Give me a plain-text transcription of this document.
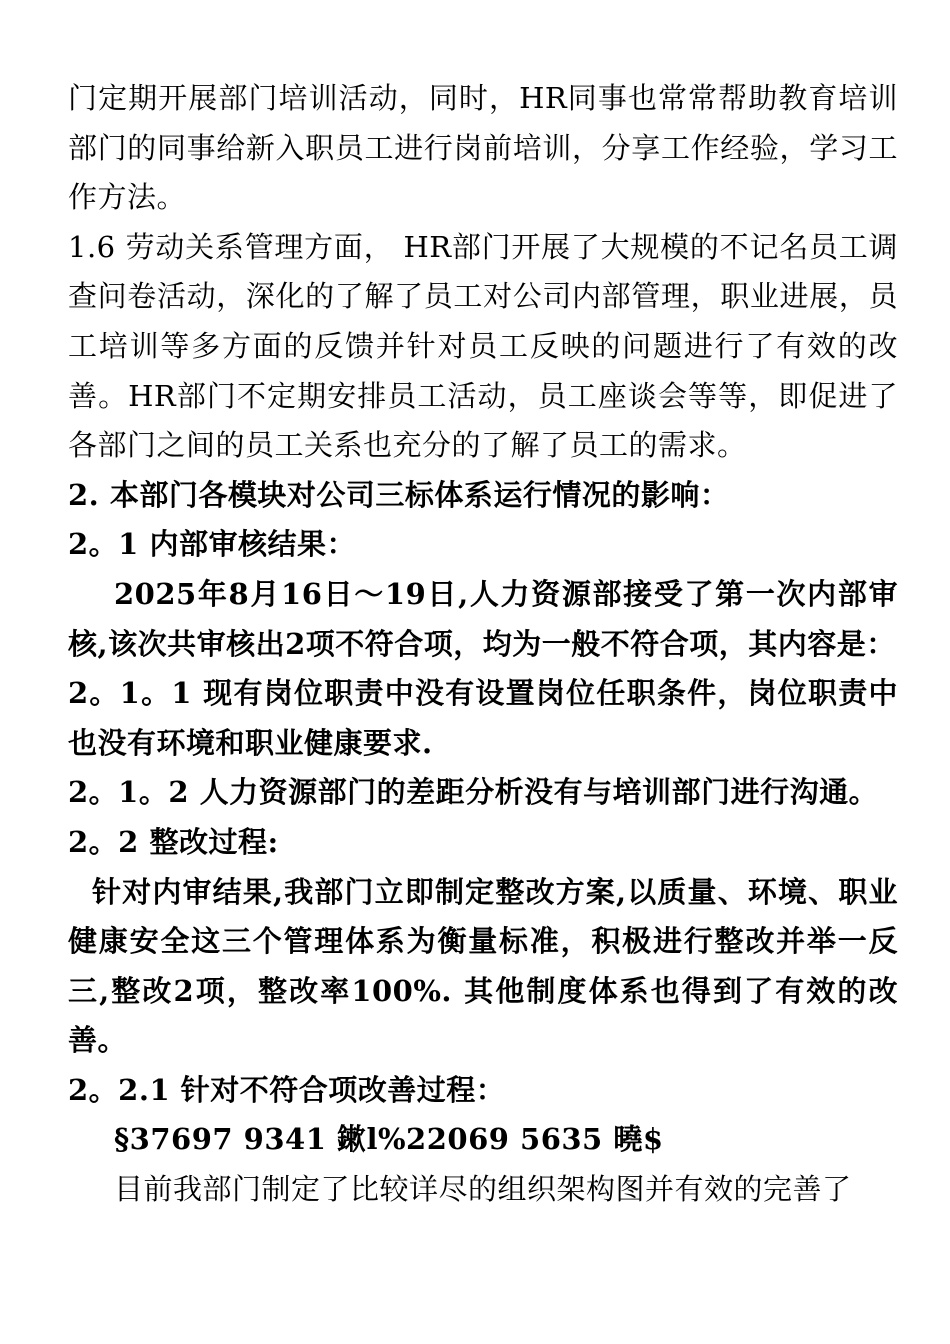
门定期开展部门培训活动，同时，HR同事也常常帮助教育培训部门的同事给新入职员工进行岗前培训，分享工作经验，学习工作方法。

1.6 劳动关系管理方面， HR部门开展了大规模的不记名员工调查问卷活动，深化的了解了员工对公司内部管理，职业进展，员工培训等多方面的反馈并针对员工反映的问题进行了有效的改善。HR部门不定期安排员工活动，员工座谈会等等，即促进了各部门之间的员工关系也充分的了解了员工的需求。

2. 本部门各模块对公司三标体系运行情况的影响：

2。1 内部审核结果：

2025年8月16日～19日,人力资源部接受了第一次内部审核,该次共审核出2项不符合项，均为一般不符合项，其内容是：

2。1。1 现有岗位职责中没有设置岗位任职条件，岗位职责中也没有环境和职业健康要求.

2。1。2 人力资源部门的差距分析没有与培训部门进行沟通。

2。2 整改过程:

针对内审结果,我部门立即制定整改方案,以质量、环境、职业健康安全这三个管理体系为衡量标准，积极进行整改并举一反三,整改2项，整改率100%. 其他制度体系也得到了有效的改善。

2。2.1 针对不符合项改善过程：

§37697 9341 鏉l%22069 5635 曉$

目前我部门制定了比较详尽的组织架构图并有效的完善了
